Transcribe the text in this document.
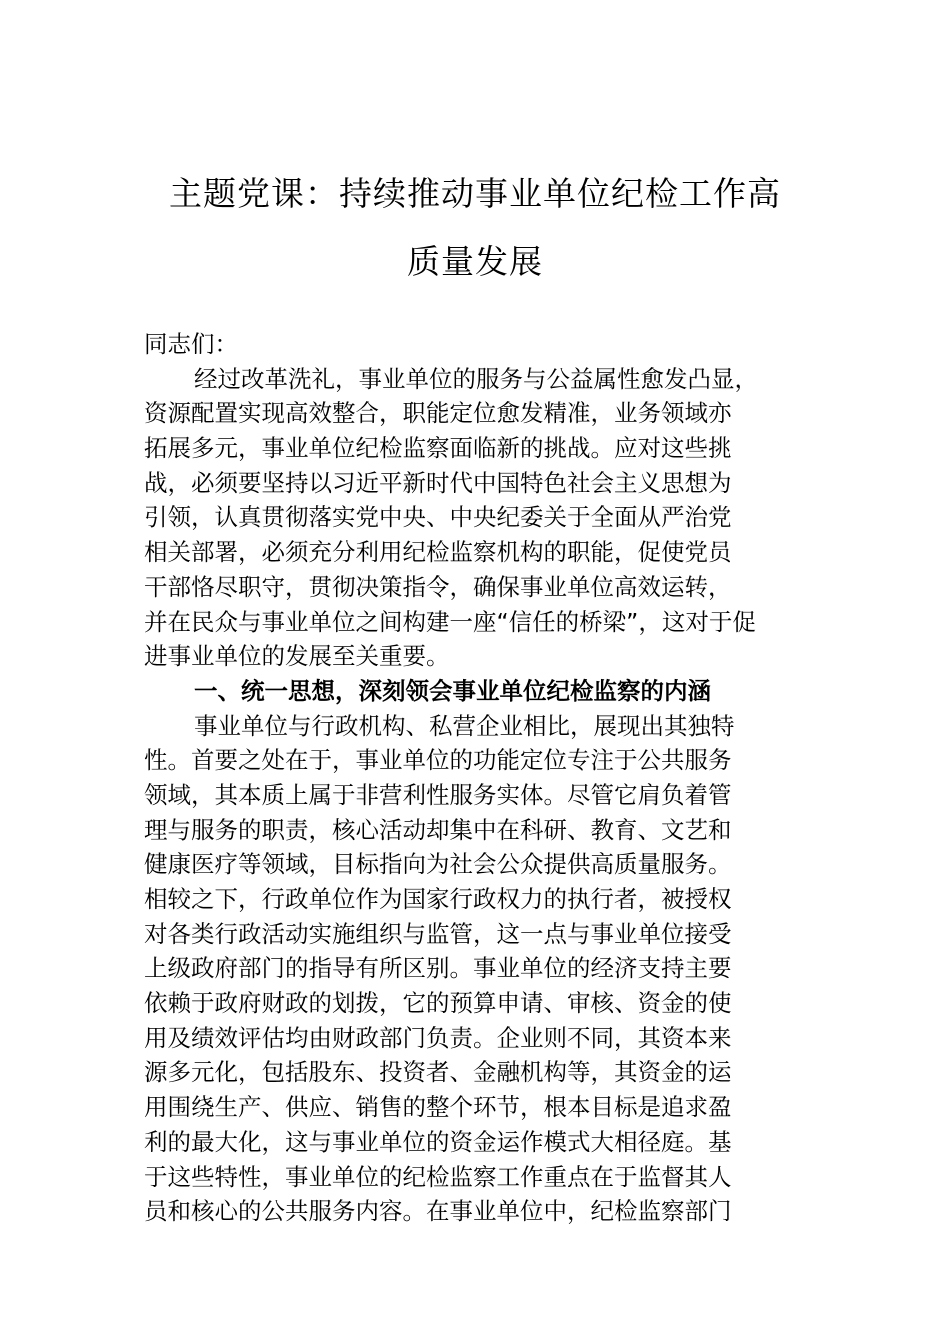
主题党课：持续推动事业单位纪检工作高
质量发展
同志们：
经过改革洗礼，事业单位的服务与公益属性愈发凸显，
资源配置实现高效整合，职能定位愈发精准，业务领域亦
拓展多元，事业单位纪检监察面临新的挑战。应对这些挑
战，必须要坚持以习近平新时代中国特色社会主义思想为
引领，认真贯彻落实党中央、中央纪委关于全面从严治党
相关部署，必须充分利用纪检监察机构的职能，促使党员
干部恪尽职守，贯彻决策指令，确保事业单位高效运转，
并在民众与事业单位之间构建一座“信任的桥梁”，这对于促
进事业单位的发展至关重要。
一、统一思想，深刻领会事业单位纪检监察的内涵
事业单位与行政机构、私营企业相比，展现出其独特
性。首要之处在于，事业单位的功能定位专注于公共服务
领域，其本质上属于非营利性服务实体。尽管它肩负着管
理与服务的职责，核心活动却集中在科研、教育、文艺和
健康医疗等领域，目标指向为社会公众提供高质量服务。
相较之下，行政单位作为国家行政权力的执行者，被授权
对各类行政活动实施组织与监管，这一点与事业单位接受
上级政府部门的指导有所区别。事业单位的经济支持主要
依赖于政府财政的划拨，它的预算申请、审核、资金的使
用及绩效评估均由财政部门负责。企业则不同，其资本来
源多元化，包括股东、投资者、金融机构等，其资金的运
用围绕生产、供应、销售的整个环节，根本目标是追求盈
利的最大化，这与事业单位的资金运作模式大相径庭。基
于这些特性，事业单位的纪检监察工作重点在于监督其人
员和核心的公共服务内容。在事业单位中，纪检监察部门
